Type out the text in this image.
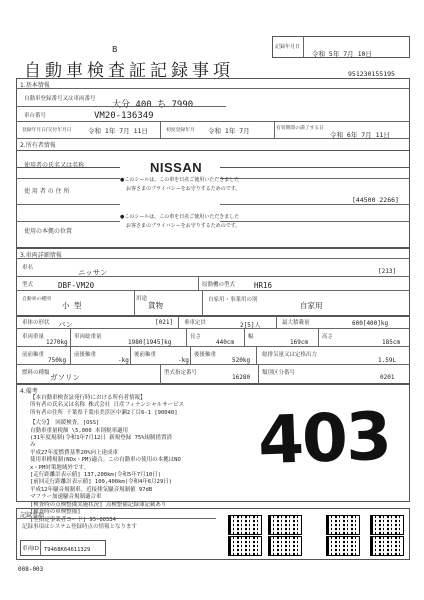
B
自動車検査証記録事項
記録年月日
令和 5年 7月 10日
951230155195
1.基本情報
自動車登録番号又は車両番号
大分 400 ち 7990
車台番号	VM20-136349
登録年月日/交付年月日	令和 1年 7月 11日	初度登録年月 令和 1年 7月	有効期間の満了する日
令和 6年 7月 11日
2.所有者情報
使用者の氏名又は名称
使 用 者 の 住 所
[44500 2266]
使用の本拠の位置
NISSAN
●このシールは、この車を日産ご使用いただきました
お客さまのプライバシーをお守りするためのです。
●このシールは、この車を日産ご使用いただきました
お客さまのプライバシーをお守りするためのです。
3.車両詳細情報
車名	ニッサン	[213]
型式	DBF-VM20	原動機の型式	HR16
自動車の種別
小 型
用途
貨物
自家用・事業用の別
自家用
車体の形状 バン	[021] 乗車定員	2[5]人	最大積載量	600[400]kg
車両重量
1270kg
車両総重量
1980[1945]kg
長さ
440cm
幅
169cm
高さ
185cm
前前軸重
750kg
前後軸重
-kg
後前軸重
-kg
後後軸重
520kg
総排気量又は定格出力
1.59L
燃料の種類 ガソリン	型式指定番号
16280
類別区分番号
0201
4.備考
【本自動車検査証発行時における所有者情報】
所有者の氏名又は名称 株式会社 日産フィナンシャルサービス
所有者の住所 千葉県千葉市美浜区中瀬2丁目6-1 [90040]
【大分】 回緩検査。[OSS]
自動車重量税額 \5,000 本則税率適用
(31年度規制)令和1年7月12日 新規登録 75%規制措置済
み
平成27年度燃費基準20%向上達成車
使用車種規制(NOx・PM)適合。この自動車の使用の本拠はNO
x・PM対策地域外です。
[走行距離計表示値] 137,200km(令和5年7月10日)
[前回走行距離計表示値] 100,400km(令和4年6月29日)
平成12年騒音規制車。近接排気騒音規制値 97dB
マフラー加速騒音規制適合車
[検査時の点検整備実施状況] 点検整備記録簿記載あり
[検査時の車検整備]
[型指定事業者コード] 95-00534
403
記録事項
記録事項はシステム登録時点の情報となります
車両ID T9468K64611329
008-003
